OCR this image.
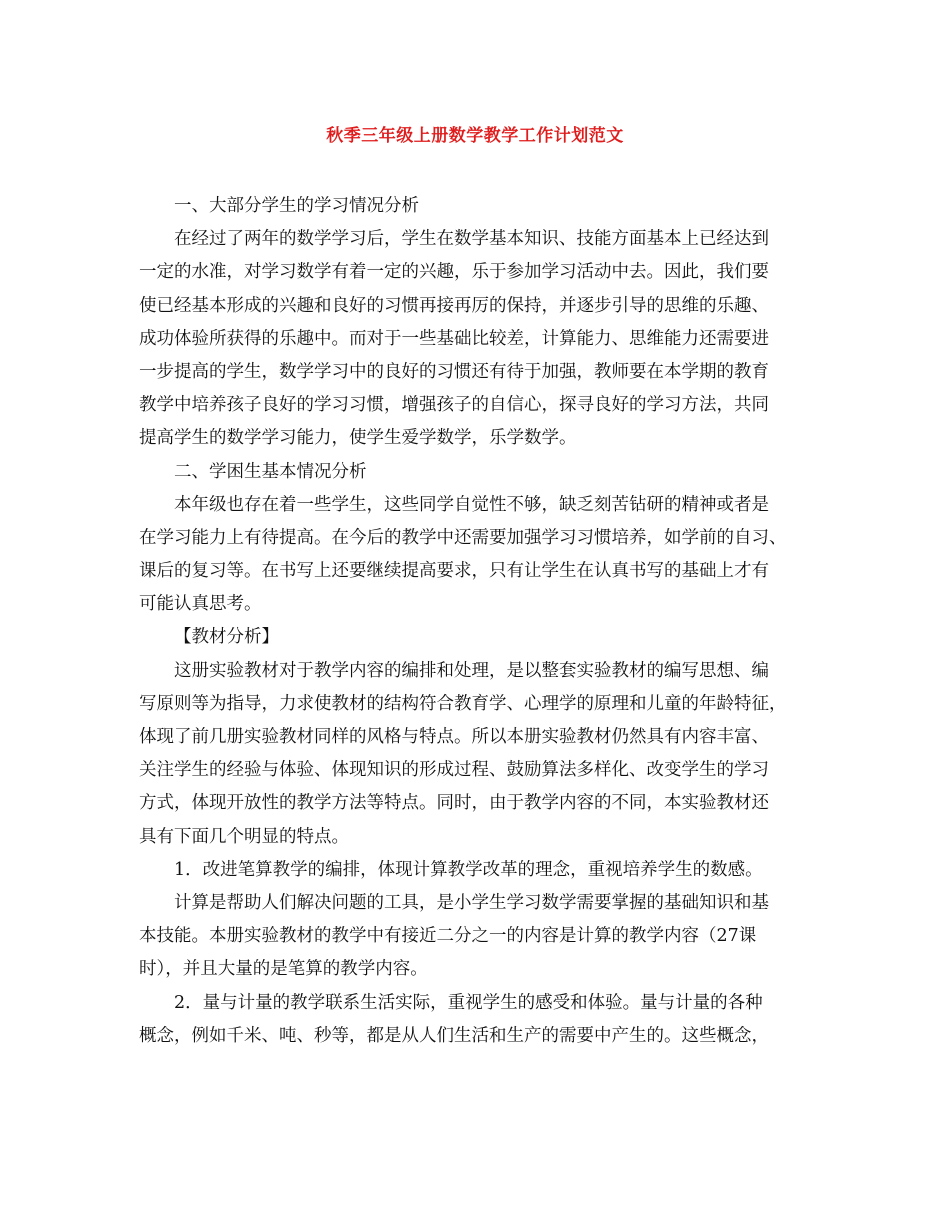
秋季三年级上册数学教学工作计划范文
一、大部分学生的学习情况分析
在经过了两年的数学学习后，学生在数学基本知识、技能方面基本上已经达到
一定的水准，对学习数学有着一定的兴趣，乐于参加学习活动中去。因此，我们要
使已经基本形成的兴趣和良好的习惯再接再厉的保持，并逐步引导的思维的乐趣、
成功体验所获得的乐趣中。而对于一些基础比较差，计算能力、思维能力还需要进
一步提高的学生，数学学习中的良好的习惯还有待于加强，教师要在本学期的教育
教学中培养孩子良好的学习习惯，增强孩子的自信心，探寻良好的学习方法，共同
提高学生的数学学习能力，使学生爱学数学，乐学数学。
二、学困生基本情况分析
本年级也存在着一些学生，这些同学自觉性不够，缺乏刻苦钻研的精神或者是
在学习能力上有待提高。在今后的教学中还需要加强学习习惯培养，如学前的自习、
课后的复习等。在书写上还要继续提高要求，只有让学生在认真书写的基础上才有
可能认真思考。
【教材分析】
这册实验教材对于教学内容的编排和处理，是以整套实验教材的编写思想、编
写原则等为指导，力求使教材的结构符合教育学、心理学的原理和儿童的年龄特征，
体现了前几册实验教材同样的风格与特点。所以本册实验教材仍然具有内容丰富、
关注学生的经验与体验、体现知识的形成过程、鼓励算法多样化、改变学生的学习
方式，体现开放性的教学方法等特点。同时，由于教学内容的不同，本实验教材还
具有下面几个明显的特点。
1．改进笔算教学的编排，体现计算教学改革的理念，重视培养学生的数感。
计算是帮助人们解决问题的工具，是小学生学习数学需要掌握的基础知识和基
本技能。本册实验教材的教学中有接近二分之一的内容是计算的教学内容（27课
时），并且大量的是笔算的教学内容。
2．量与计量的教学联系生活实际，重视学生的感受和体验。量与计量的各种
概念，例如千米、吨、秒等，都是从人们生活和生产的需要中产生的。这些概念，
